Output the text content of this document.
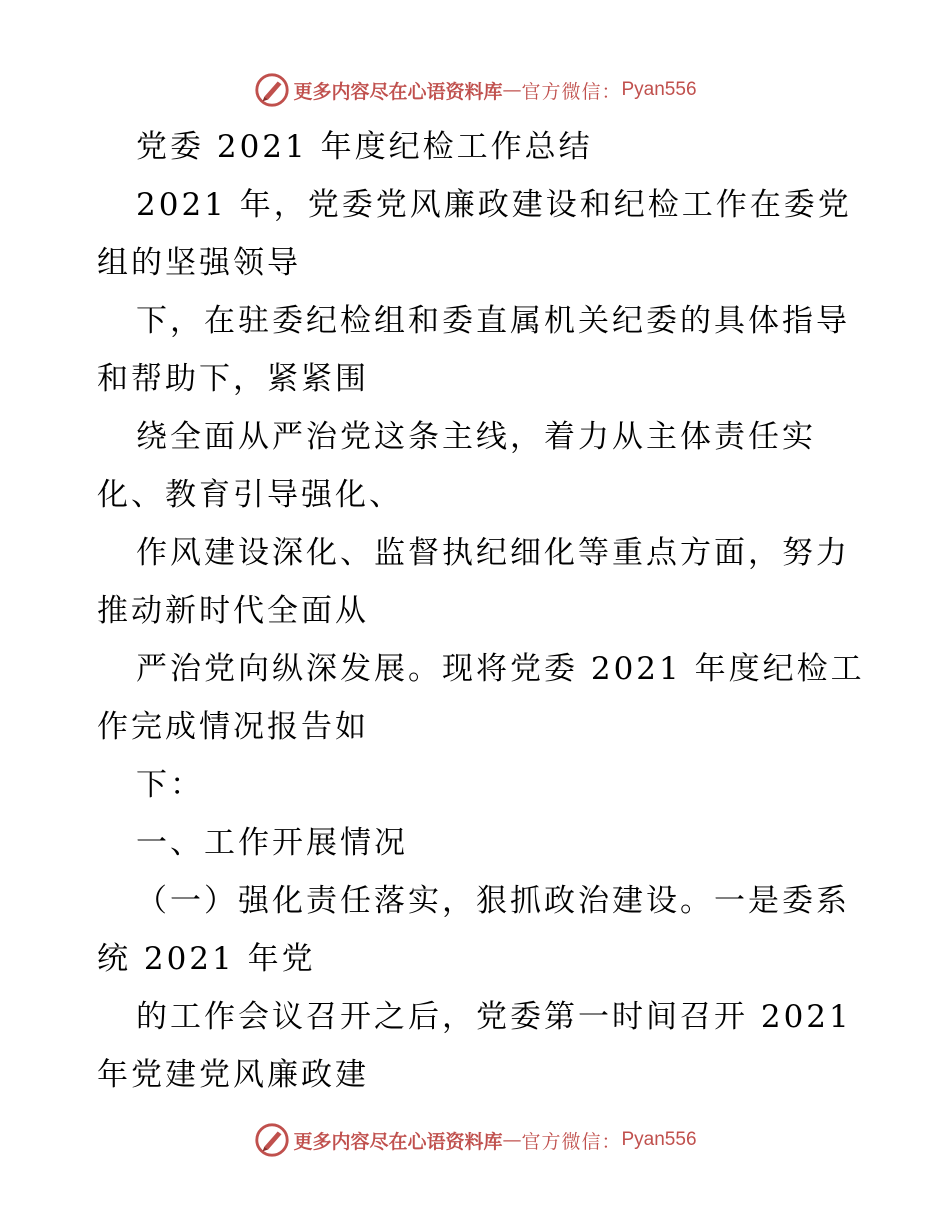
更多内容尽在心语资料库 — 官方微信： Pyan556
党委 2021 年度纪检工作总结
2021 年，党委党风廉政建设和纪检工作在委党
组的坚强领导
下，在驻委纪检组和委直属机关纪委的具体指导
和帮助下，紧紧围
绕全面从严治党这条主线，着力从主体责任实
化、教育引导强化、
作风建设深化、监督执纪细化等重点方面，努力
推动新时代全面从
严治党向纵深发展。现将党委 2021 年度纪检工
作完成情况报告如
下：
一、工作开展情况
（一）强化责任落实，狠抓政治建设。一是委系
统 2021 年党
的工作会议召开之后，党委第一时间召开 2021
年党建党风廉政建
更多内容尽在心语资料库 — 官方微信： Pyan556
